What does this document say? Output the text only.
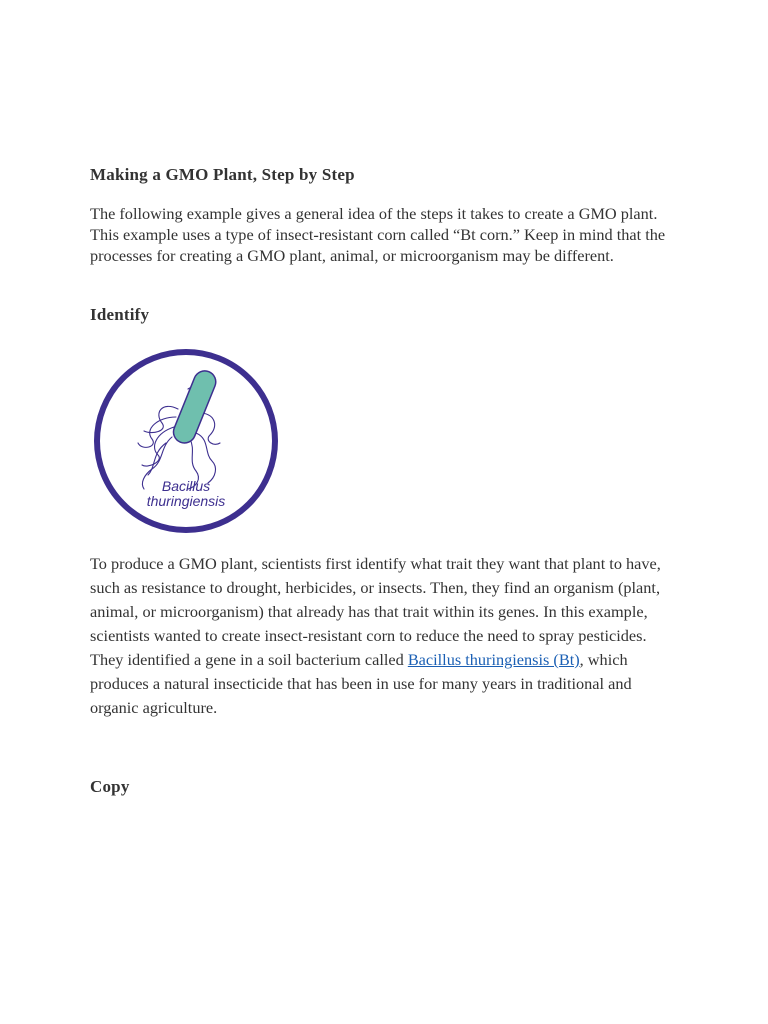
Making a GMO Plant, Step by Step

The following example gives a general idea of the steps it takes to create a GMO plant. This example uses a type of insect-resistant corn called “Bt corn.” Keep in mind that the processes for creating a GMO plant, animal, or microorganism may be different.

Identify
Bacillus
thuringiensis

To produce a GMO plant, scientists first identify what trait they want that plant to have, such as resistance to drought, herbicides, or insects. Then, they find an organism (plant, animal, or microorganism) that already has that trait within its genes. In this example, scientists wanted to create insect-resistant corn to reduce the need to spray pesticides. They identified a gene in a soil bacterium called Bacillus thuringiensis (Bt), which produces a natural insecticide that has been in use for many years in traditional and organic agriculture.

Copy
